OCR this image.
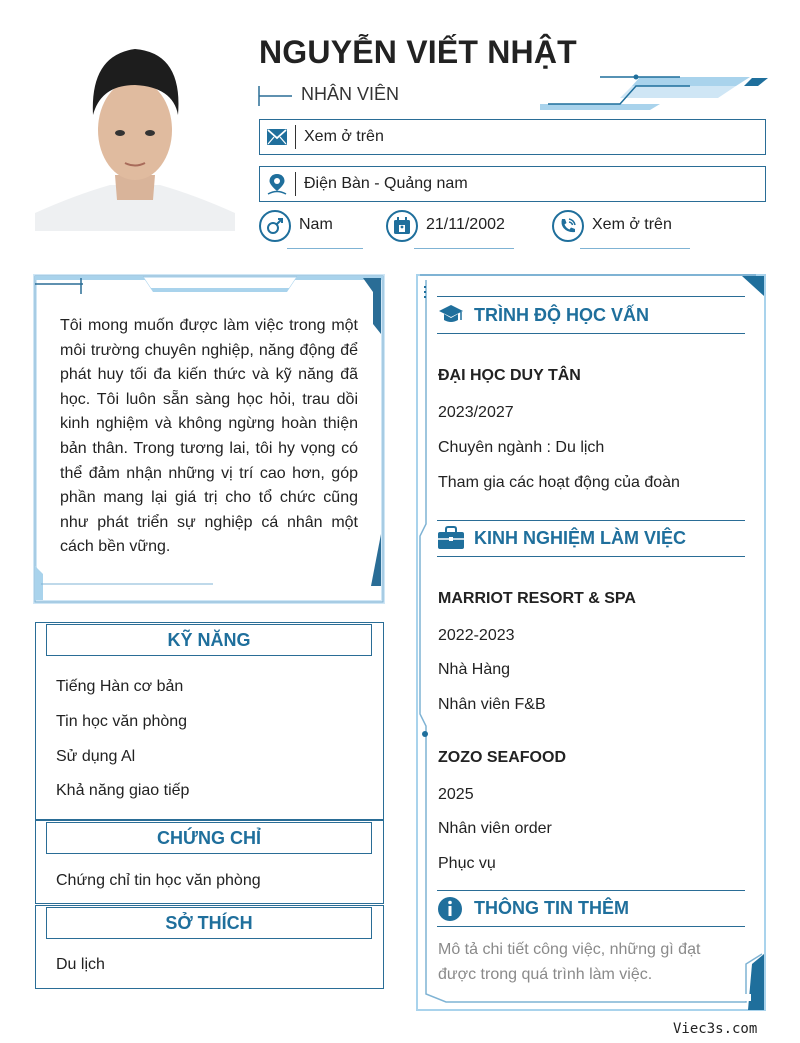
NGUYỄN VIẾT NHẬT
NHÂN VIÊN
Xem ở trên
Điện Bàn - Quảng nam
Nam	21/11/2002	Xem ở trên
Tôi mong muốn được làm việc trong một môi trường chuyên nghiệp, năng động để phát huy tối đa kiến thức và kỹ năng đã học. Tôi luôn sẵn sàng học hỏi, trau dồi kinh nghiệm và không ngừng hoàn thiện bản thân. Trong tương lai, tôi hy vọng có thể đảm nhận những vị trí cao hơn, góp phần mang lại giá trị cho tổ chức cũng như phát triển sự nghiệp cá nhân một cách bền vững.
KỸ NĂNG
Tiếng Hàn cơ bản
Tin học văn phòng
Sử dụng Al
Khả năng giao tiếp
CHỨNG CHỈ
Chứng chỉ tin học văn phòng
SỞ THÍCH
Du lịch
TRÌNH ĐỘ HỌC VẤN
ĐẠI HỌC DUY TÂN
2023/2027
Chuyên ngành : Du lịch
Tham gia các hoạt động của đoàn
KINH NGHIỆM LÀM VIỆC
MARRIOT RESORT & SPA
2022-2023
Nhà Hàng
Nhân viên F&B
ZOZO SEAFOOD
2025
Nhân viên order
Phục vụ
THÔNG TIN THÊM
Mô tả chi tiết công việc, những gì đạt được trong quá trình làm việc.
Viec3s.com
